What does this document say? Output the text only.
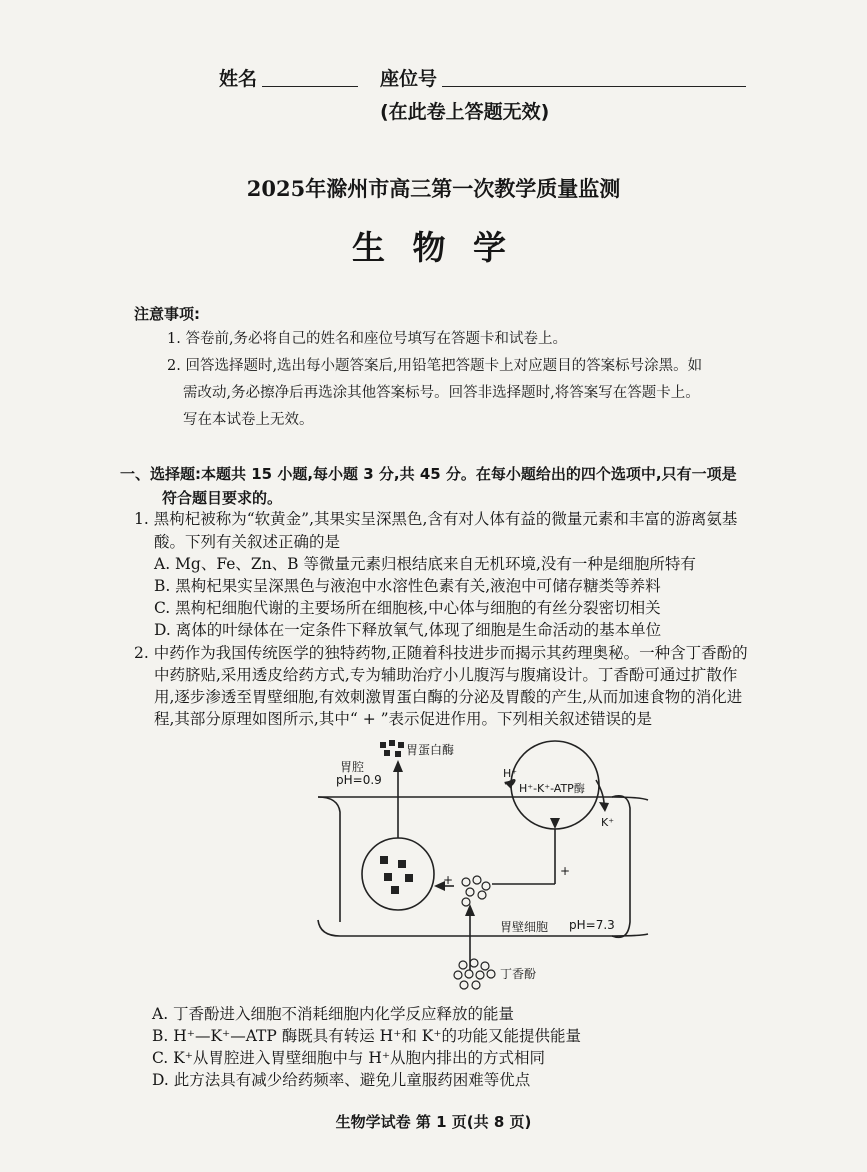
姓名	座位号
(在此卷上答题无效)
2025年滁州市高三第一次教学质量监测
生 物 学
注意事项:
1. 答卷前,务必将自己的姓名和座位号填写在答题卡和试卷上。
2. 回答选择题时,选出每小题答案后,用铅笔把答题卡上对应题目的答案标号涂黑。如
需改动,务必擦净后再选涂其他答案标号。回答非选择题时,将答案写在答题卡上。
写在本试卷上无效。
一、选择题:本题共 15 小题,每小题 3 分,共 45 分。在每小题给出的四个选项中,只有一项是
符合题目要求的。
1. 黑枸杞被称为“软黄金”,其果实呈深黑色,含有对人体有益的微量元素和丰富的游离氨基
酸。下列有关叙述正确的是
A. Mg、Fe、Zn、B 等微量元素归根结底来自无机环境,没有一种是细胞所特有
B. 黑枸杞果实呈深黑色与液泡中水溶性色素有关,液泡中可储存糖类等养料
C. 黑枸杞细胞代谢的主要场所在细胞核,中心体与细胞的有丝分裂密切相关
D. 离体的叶绿体在一定条件下释放氧气,体现了细胞是生命活动的基本单位
2. 中药作为我国传统医学的独特药物,正随着科技进步而揭示其药理奥秘。一种含丁香酚的
中药脐贴,采用透皮给药方式,专为辅助治疗小儿腹泻与腹痛设计。丁香酚可通过扩散作
用,逐步渗透至胃壁细胞,有效刺激胃蛋白酶的分泌及胃酸的产生,从而加速食物的消化进
程,其部分原理如图所示,其中“ + ”表示促进作用。下列相关叙述错误的是
胃蛋白酶
胃腔
pH=0.9	H⁺
H⁺-K⁺-ATP酶
K⁺
+
+
胃壁细胞 pH=7.3
丁香酚
A. 丁香酚进入细胞不消耗细胞内化学反应释放的能量
B. H⁺—K⁺—ATP 酶既具有转运 H⁺和 K⁺的功能又能提供能量
C. K⁺从胃腔进入胃壁细胞中与 H⁺从胞内排出的方式相同
D. 此方法具有减少给药频率、避免儿童服药困难等优点
生物学试卷 第 1 页(共 8 页)
